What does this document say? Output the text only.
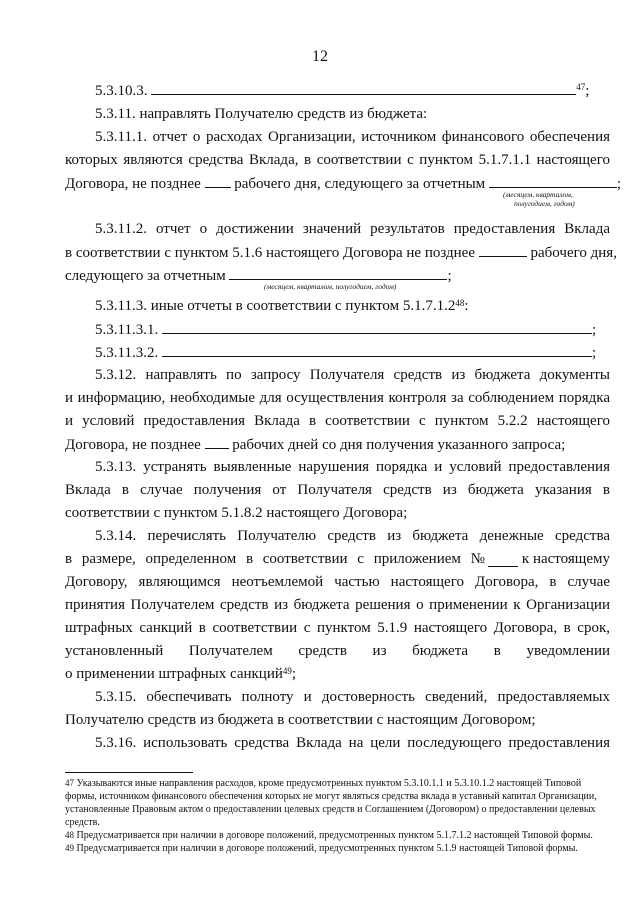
12
5.3.10.3.	$^{47}$;
5.3.11. направлять Получателю средств из бюджета:
5.3.11.1. отчет о расходах Организации, источником финансового обеспечения
которых являются средства Вклада, в соответствии с пунктом 5.1.7.1.1 настоящего
Договора, не позднее рабочего дня, следующего за отчетным	;
(месяцем, кварталом,
полугодием, годом)
5.3.11.2. отчет о достижении значений результатов предоставления Вклада
в соответствии с пунктом 5.1.6 настоящего Договора не позднее	рабочего дня,
следующего за отчетным	;
(месяцем, кварталом, полугодием, годом)
5.3.11.3. иные отчеты в соответствии с пунктом 5.1.7.1.2$^{48}$:
5.3.11.3.1.	;
5.3.11.3.2.	;
5.3.12. направлять по запросу Получателя средств из бюджета документы
и информацию, необходимые для осуществления контроля за соблюдением порядка
и условий предоставления Вклада в соответствии с пунктом 5.2.2 настоящего
Договора, не позднее рабочих дней со дня получения указанного запроса;
5.3.13. устранять выявленные нарушения порядка и условий предоставления
Вклада в случае получения от Получателя средств из бюджета указания в
соответствии с пунктом 5.1.8.2 настоящего Договора;
5.3.14. перечислять Получателю средств из бюджета денежные средства
в размере, определенном в соответствии с приложением № к настоящему
Договору, являющимся неотъемлемой частью настоящего Договора, в случае
принятия Получателем средств из бюджета решения о применении к Организации
штрафных санкций в соответствии с пунктом 5.1.9 настоящего Договора, в срок,
установленный Получателем средств из бюджета в уведомлении
о применении штрафных санкций$^{49}$;
5.3.15. обеспечивать полноту и достоверность сведений, предоставляемых
Получателю средств из бюджета в соответствии с настоящим Договором;
5.3.16. использовать средства Вклада на цели последующего предоставления
47 Указываются иные направления расходов, кроме предусмотренных пунктом 5.3.10.1.1 и 5.3.10.1.2 настоящей Типовой
формы, источником финансового обеспечения которых не могут являться средства вклада в уставный капитал Организации,
установленные Правовым актом о предоставлении целевых средств и Соглашением (Договором) о предоставлении целевых
средств.
48 Предусматривается при наличии в договоре положений, предусмотренных пунктом 5.1.7.1.2 настоящей Типовой формы.
49 Предусматривается при наличии в договоре положений, предусмотренных пунктом 5.1.9 настоящей Типовой формы.
